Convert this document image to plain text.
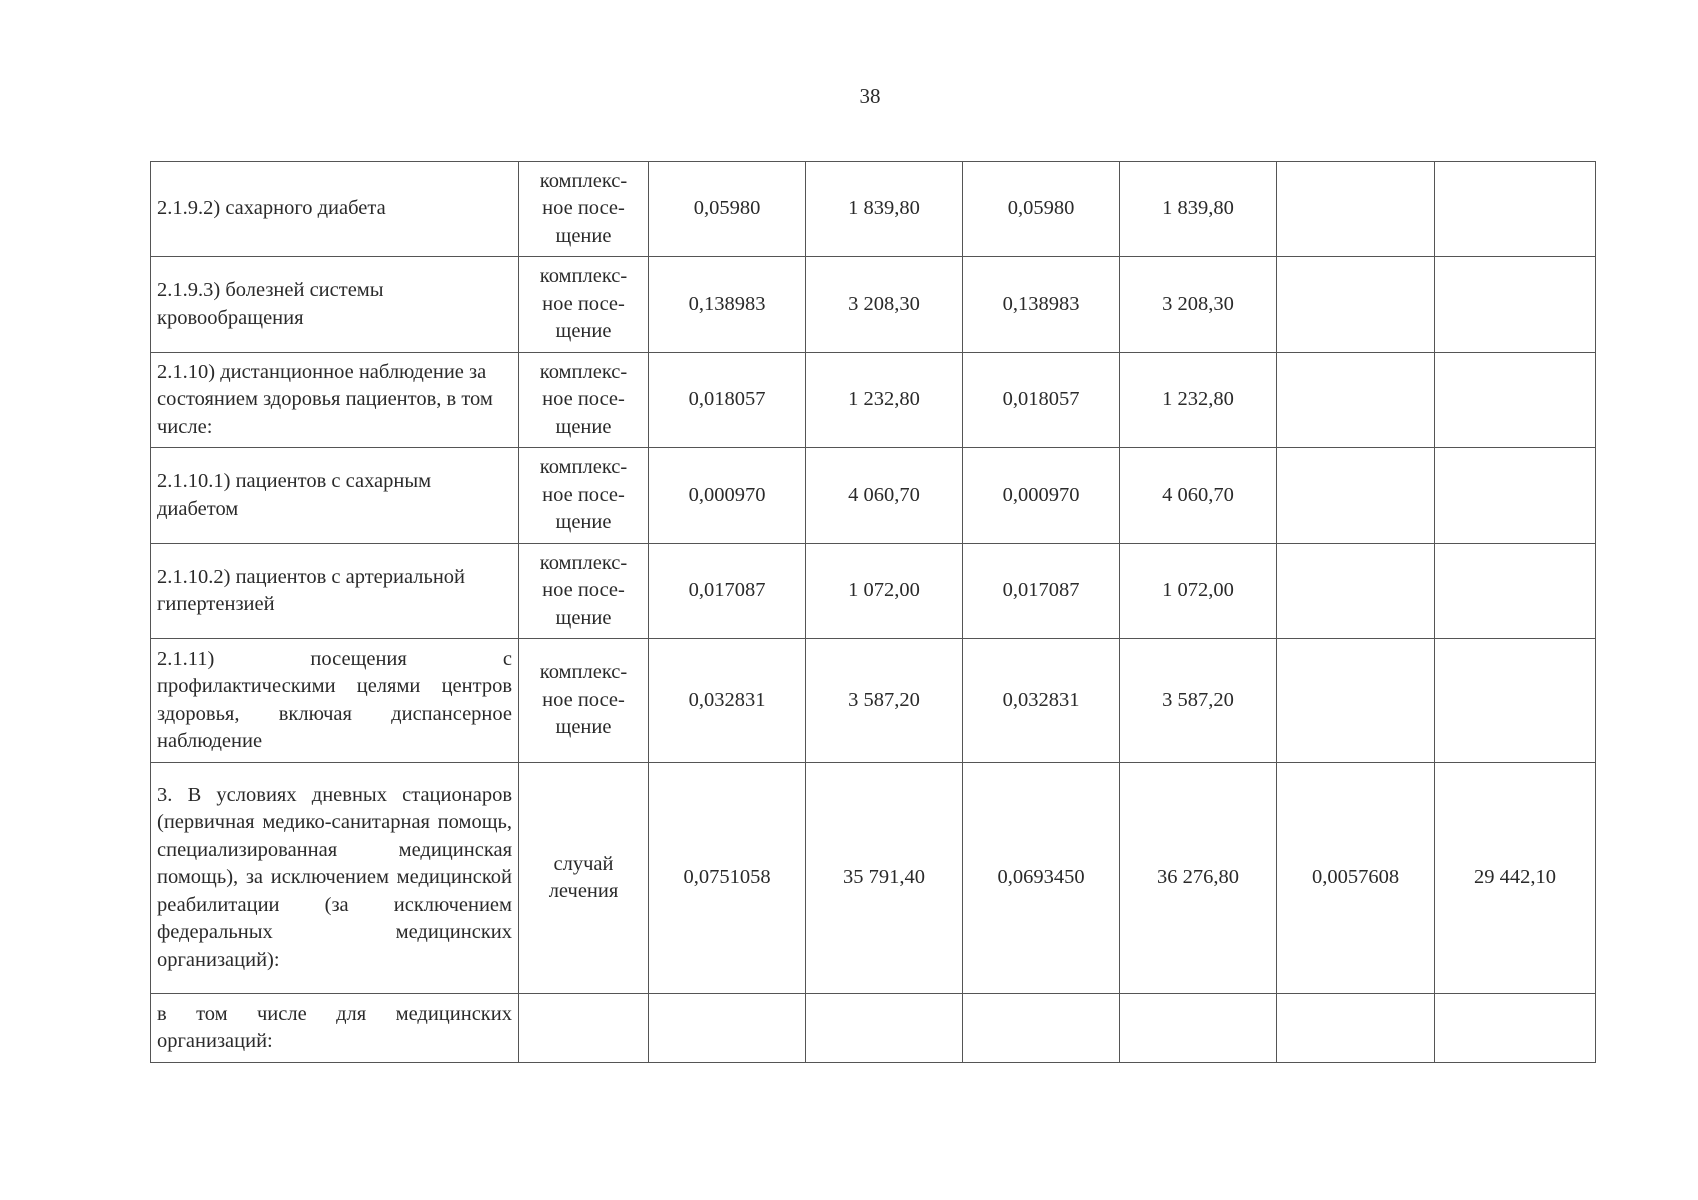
38
2.1.9.2) сахарного диабета	комплекс-
ное посе-
щение	0,05980	1 839,80	0,05980	1 839,80		
2.1.9.3) болезней системы кровообращения	комплекс-
ное посе-
щение	0,138983	3 208,30	0,138983	3 208,30		
2.1.10) дистанционное наблюдение за состоянием здоровья пациентов, в том числе:	комплекс-
ное посе-
щение	0,018057	1 232,80	0,018057	1 232,80		
2.1.10.1) пациентов с сахарным диабетом	комплекс-
ное посе-
щение	0,000970	4 060,70	0,000970	4 060,70		
2.1.10.2) пациентов с артериальной гипертензией	комплекс-
ное посе-
щение	0,017087	1 072,00	0,017087	1 072,00		
2.1.11) посещения с профилактическими целями центров здоровья, включая диспансерное наблюдение	комплекс-
ное посе-
щение	0,032831	3 587,20	0,032831	3 587,20		
3. В условиях дневных стационаров (первичная медико-санитарная помощь, специализированная медицинская помощь), за исключением медицинской реабилитации (за исключением федеральных медицинских организаций):	случай
лечения	0,0751058	35 791,40	0,0693450	36 276,80	0,0057608	29 442,10
в том числе для медицинских организаций:							
